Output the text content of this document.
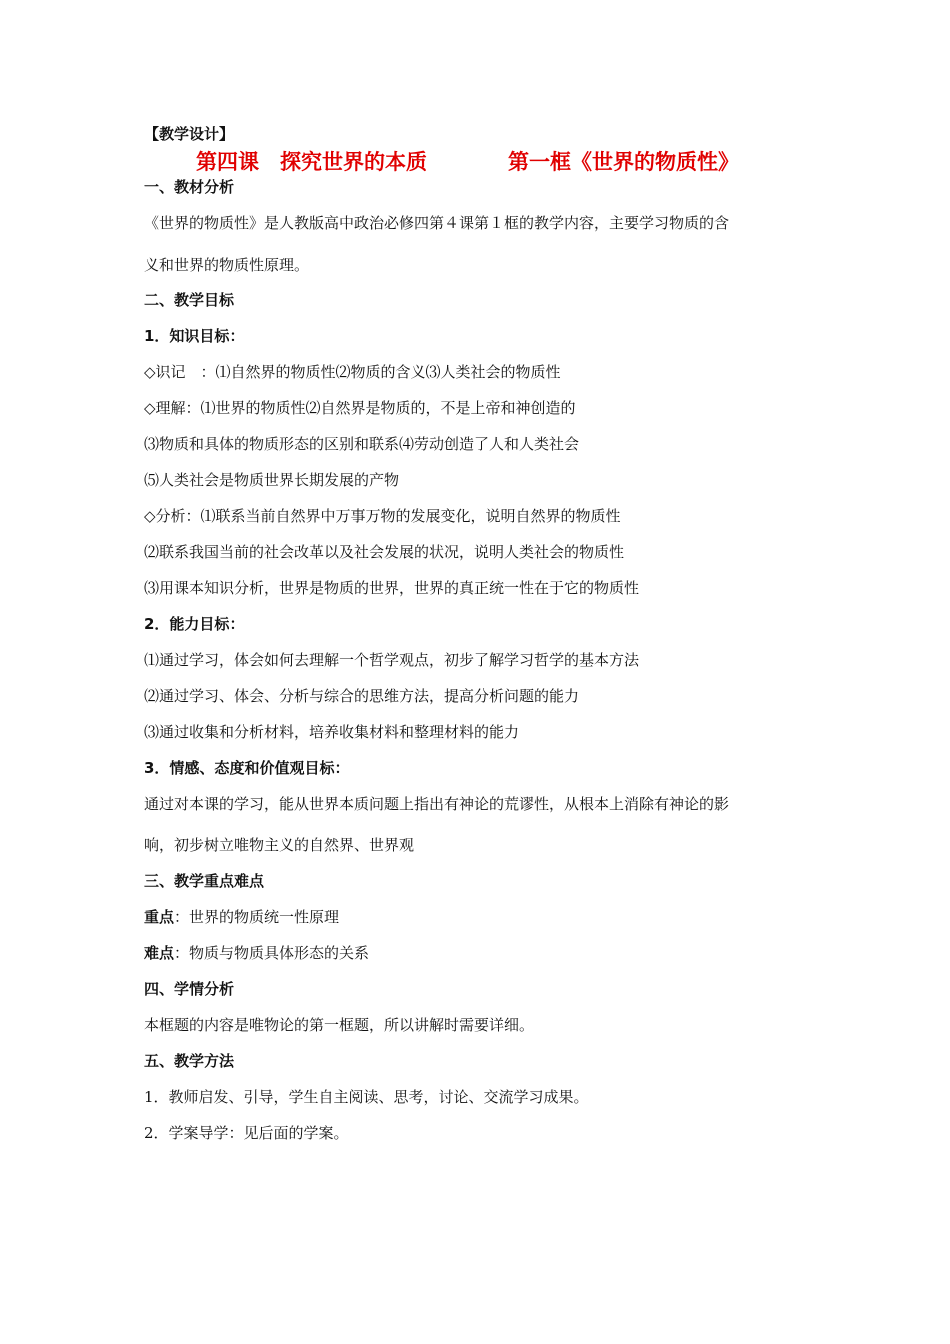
【教学设计】
第四课　探究世界的本质	第一框《世界的物质性》
一、教材分析
《世界的物质性》是人教版高中政治必修四第４课第１框的教学内容，主要学习物质的含
义和世界的物质性原理。
二、教学目标
1．知识目标：
◇识记　：⑴自然界的物质性⑵物质的含义⑶人类社会的物质性
◇理解：⑴世界的物质性⑵自然界是物质的，不是上帝和神创造的
⑶物质和具体的物质形态的区别和联系⑷劳动创造了人和人类社会
⑸人类社会是物质世界长期发展的产物
◇分析：⑴联系当前自然界中万事万物的发展变化，说明自然界的物质性
⑵联系我国当前的社会改革以及社会发展的状况，说明人类社会的物质性
⑶用课本知识分析，世界是物质的世界，世界的真正统一性在于它的物质性
2．能力目标：
⑴通过学习，体会如何去理解一个哲学观点，初步了解学习哲学的基本方法
⑵通过学习、体会、分析与综合的思维方法，提高分析问题的能力
⑶通过收集和分析材料，培养收集材料和整理材料的能力
3．情感、态度和价值观目标：
通过对本课的学习，能从世界本质问题上指出有神论的荒谬性，从根本上消除有神论的影
响，初步树立唯物主义的自然界、世界观
三、教学重点难点
重点：世界的物质统一性原理
难点：物质与物质具体形态的关系
四、学情分析
本框题的内容是唯物论的第一框题，所以讲解时需要详细。
五、教学方法
1．教师启发、引导，学生自主阅读、思考，讨论、交流学习成果。
2．学案导学：见后面的学案。
